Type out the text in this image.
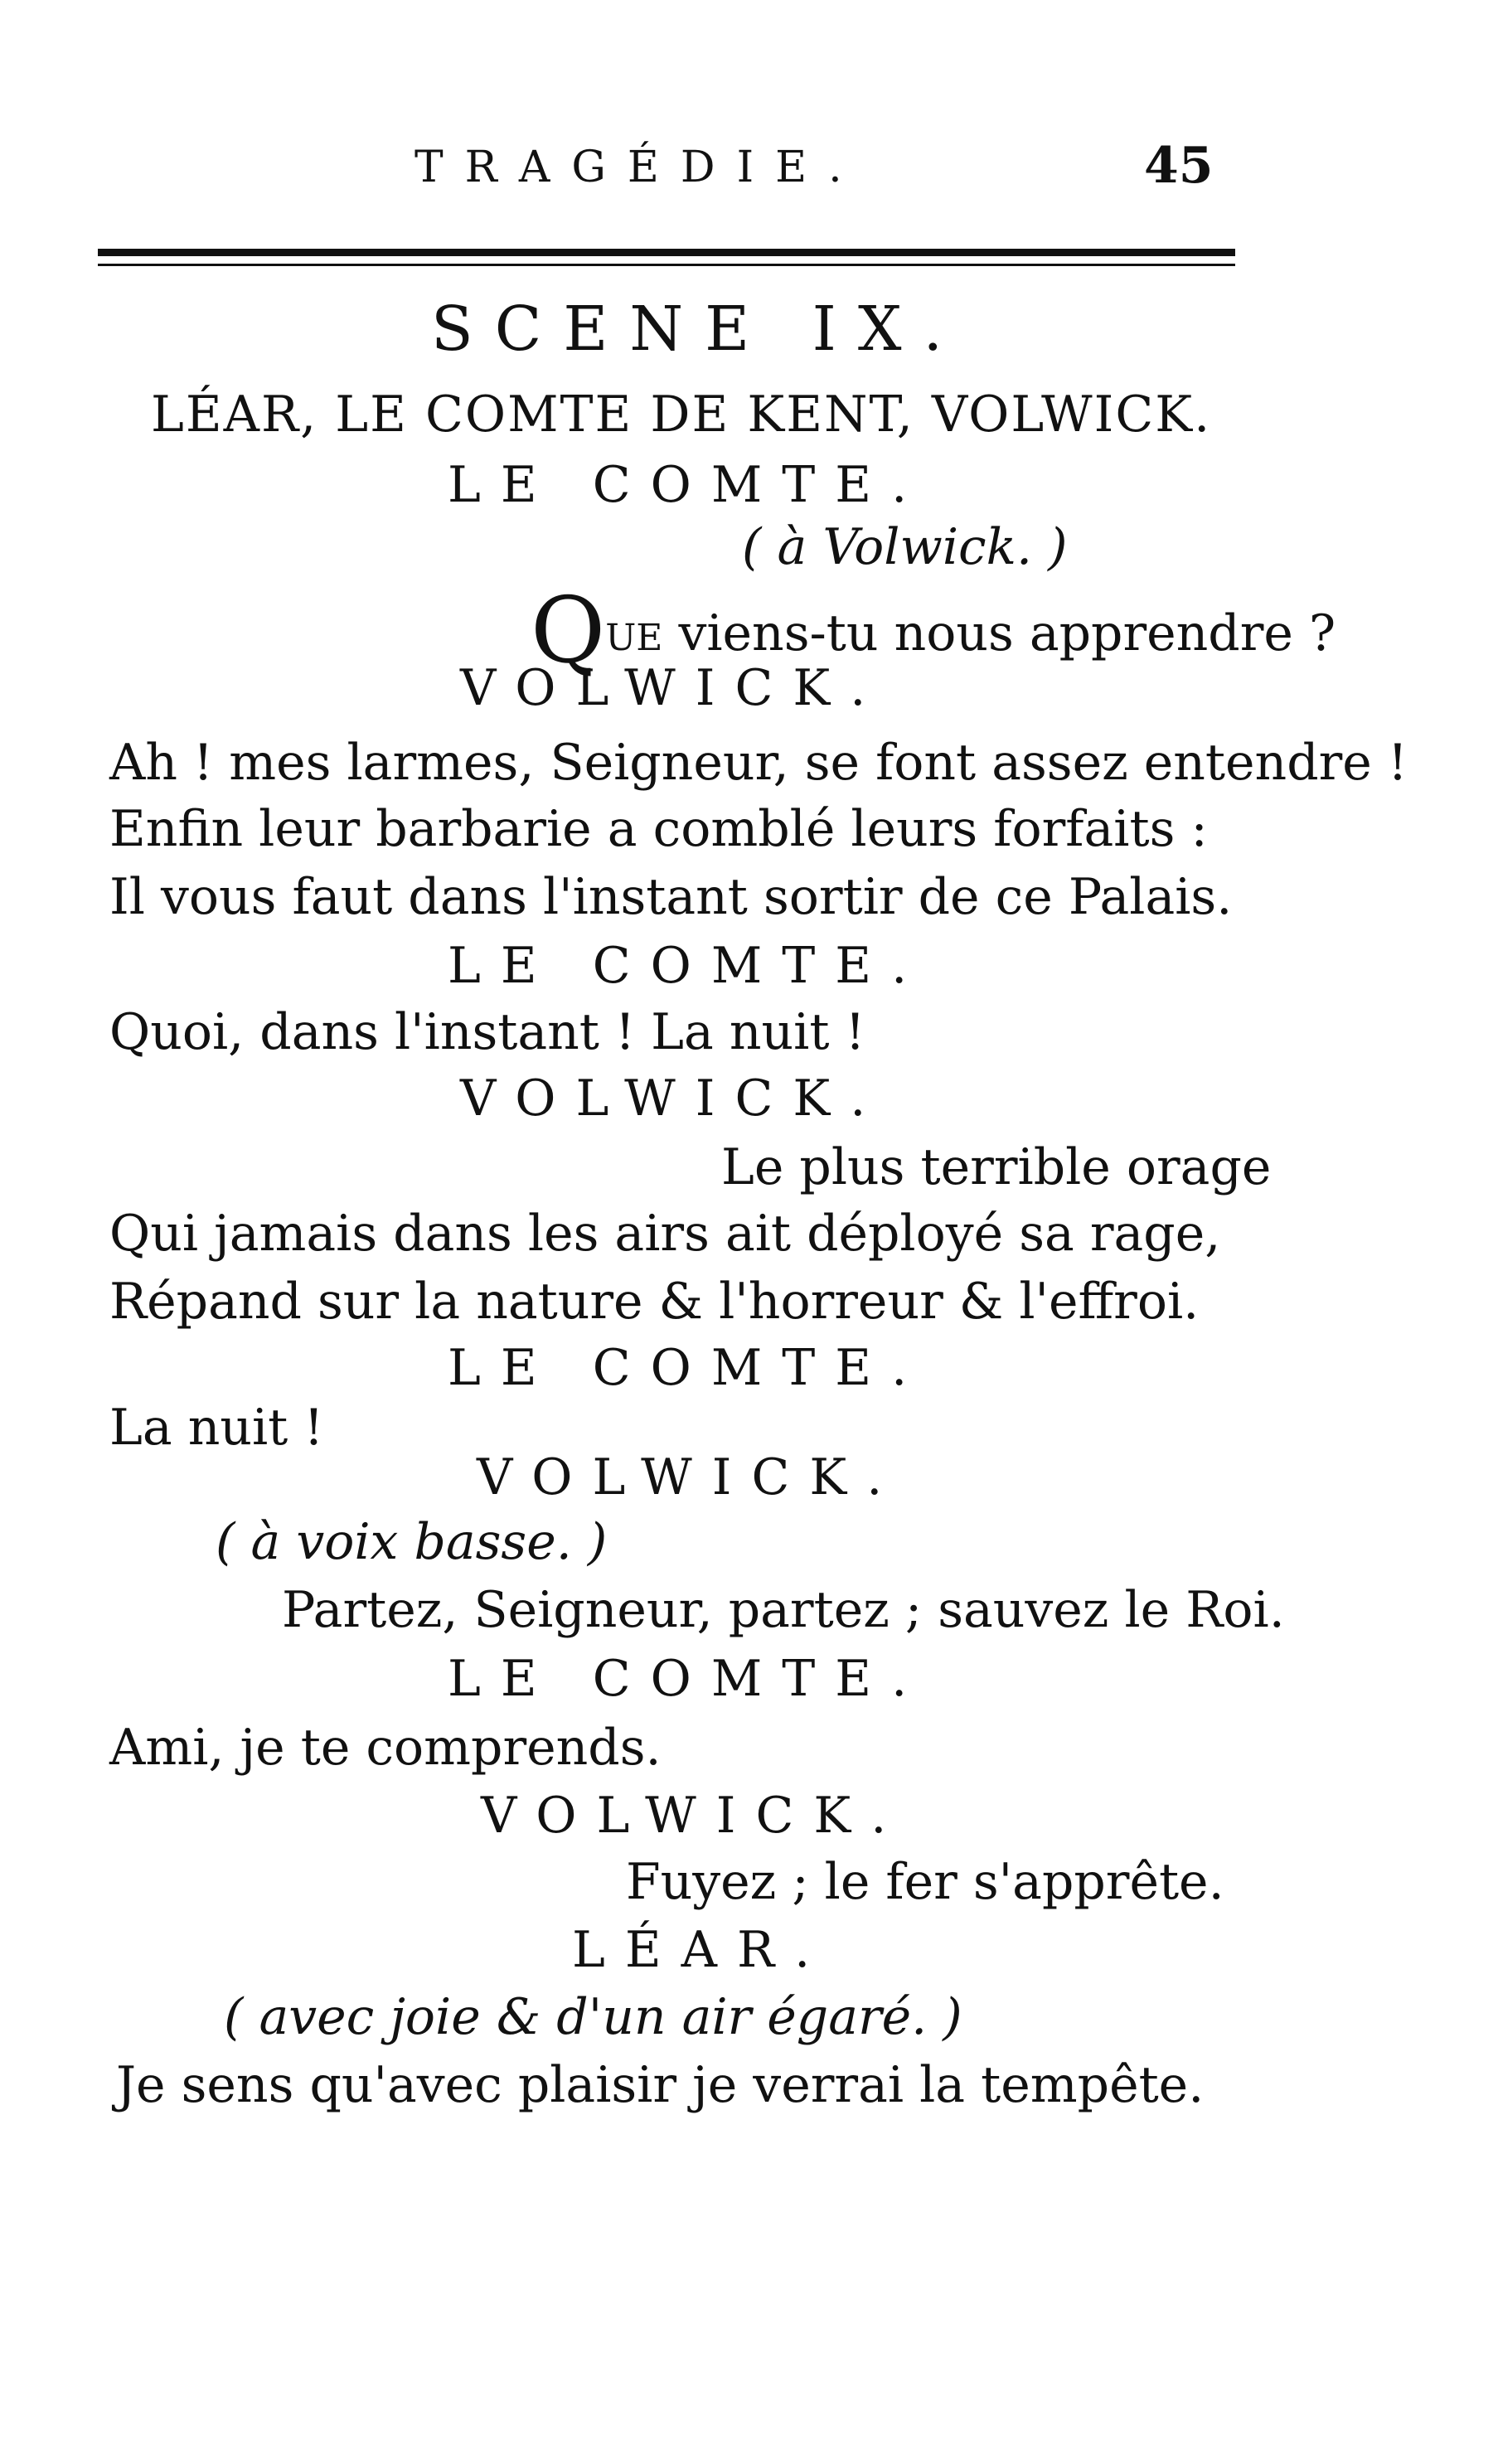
TRAGÉDIE.	45
SCENE IX.
LÉAR, LE COMTE DE KENT, VOLWICK.
LE COMTE.
( à Volwick. )
QUE viens-tu nous apprendre ?
VOLWICK.
Ah ! mes larmes, Seigneur, se font assez entendre !
Enfin leur barbarie a comblé leurs forfaits :
Il vous faut dans l'instant sortir de ce Palais.
LE COMTE.
Quoi, dans l'instant ! La nuit !
VOLWICK.
Le plus terrible orage
Qui jamais dans les airs ait déployé sa rage,
Répand sur la nature & l'horreur & l'effroi.
LE COMTE.
La nuit !
VOLWICK.
( à voix basse. )
Partez, Seigneur, partez ; sauvez le Roi.
LE COMTE.
Ami, je te comprends.
VOLWICK.
Fuyez ; le fer s'apprête.
LÉAR.
( avec joie & d'un air égaré. )
Je sens qu'avec plaisir je verrai la tempête.
